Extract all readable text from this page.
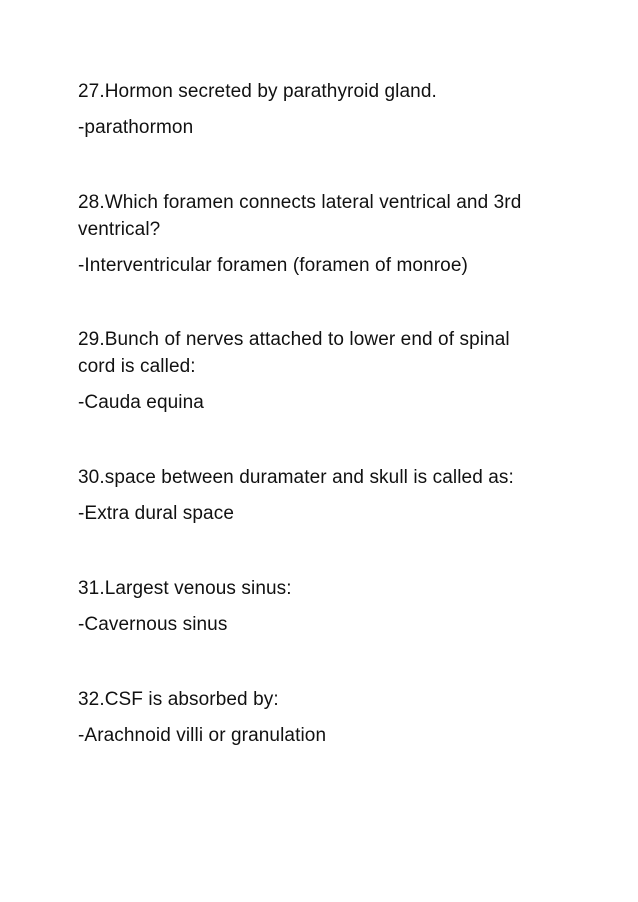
27.Hormon secreted by parathyroid gland.

-parathormon

28.Which foramen connects lateral ventrical and 3rd ventrical?

-Interventricular foramen (foramen of monroe)

29.Bunch of nerves attached to lower end of spinal cord is called:

-Cauda equina

30.space between duramater and skull is called as:

-Extra dural space

31.Largest venous sinus:

-Cavernous sinus

32.CSF is absorbed by:

-Arachnoid villi or granulation
